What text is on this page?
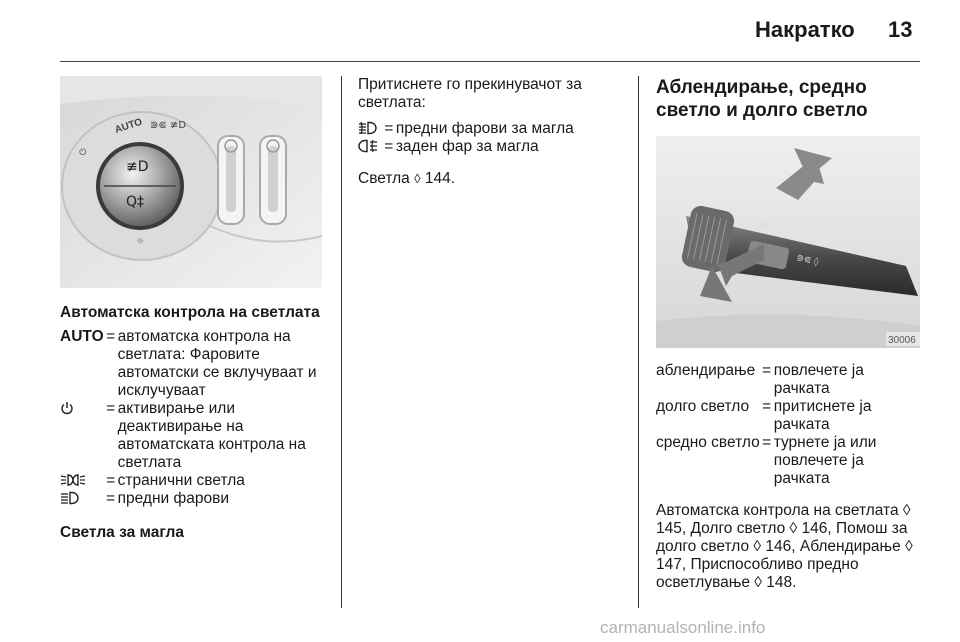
Накратко 13
≢D
Q‡
⏻
AUTO ⋑⋐ ≢D
☼
Автоматска контрола на светлата
AUTO	=	автоматска контрола на светлата: Фаровите автоматски се вклучуваат и исклучуваат
	=	активирање или деактивирање на автоматската контрола на светлата
	=	странични светла
	=	предни фарови
Светла за магла
Притиснете го прекинувачот за светлата:
	=	предни фарови за магла
	=	заден фар за магла

Светла ◊ 144.

Аблендирање, средно светло и долго светло
≢D ⁞⁞
⋑⋐ ◊
30006
аблендирање	=	повлечете ја рачката
долго светло	=	притиснете ја рачката
средно светло	=	турнете ја или повлечете ја рачката

Автоматска контрола на светлата ◊ 145, Долго светло ◊ 146, Помош за долго светло ◊ 146, Аблендирање ◊ 147, Приспособливо предно осветлување ◊ 148.

carmanualsonline.info
